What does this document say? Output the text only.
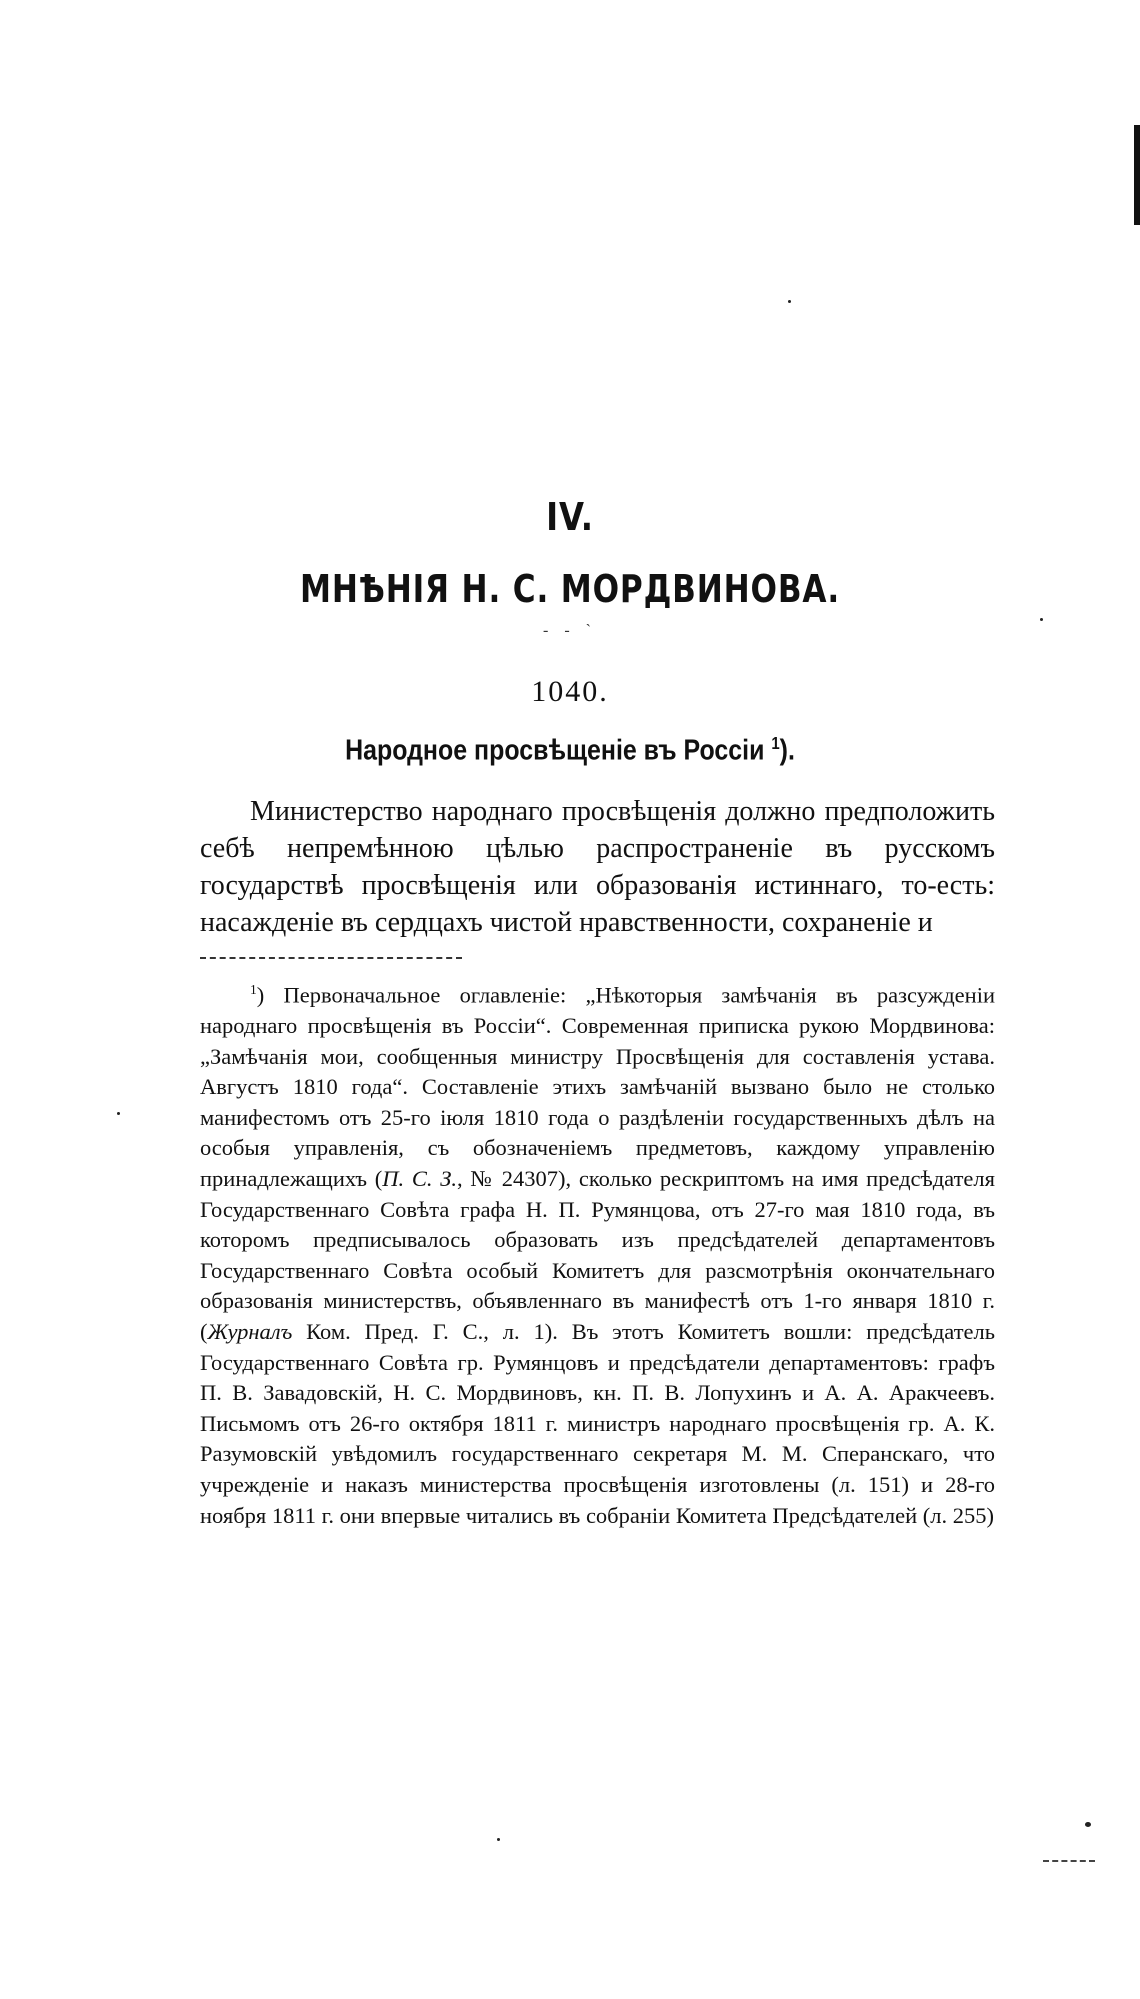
IV.
МНѢНІЯ Н. С. МОРДВИНОВА.
- - `
1040.
Народное просвѣщеніе въ Россіи $^1$).

Министерство народнаго просвѣщенія должно предположить себѣ непремѣнною цѣлью распространеніе въ русскомъ государствѣ просвѣщенія или образованія истиннаго, то-есть: насажденіе въ сердцахъ чистой нравственности, сохраненіе и

$^1$) Первоначальное оглавленіе: „Нѣкоторыя замѣчанія въ разсужденіи народнаго просвѣщенія въ Россіи“. Современная приписка рукою Мордвинова: „Замѣчанія мои, сообщенныя министру Просвѣщенія для составленія устава. Августъ 1810 года“. Составленіе этихъ замѣчаній вызвано было не столько манифестомъ отъ 25-го іюля 1810 года о раздѣленіи государственныхъ дѣлъ на особыя управленія, съ обозначеніемъ предметовъ, каждому управленію принадлежащихъ (П. С. З., № 24307), сколько рескриптомъ на имя предсѣдателя Государственнаго Совѣта графа Н. П. Румянцова, отъ 27-го мая 1810 года, въ которомъ предписывалось образовать изъ предсѣдателей департаментовъ Государственнаго Совѣта особый Комитетъ для разсмотрѣнія окончательнаго образованія министерствъ, объявленнаго въ манифестѣ отъ 1-го января 1810 г. (Журналъ Ком. Пред. Г. С., л. 1). Въ этотъ Комитетъ вошли: предсѣдатель Государственнаго Совѣта гр. Румянцовъ и предсѣдатели департаментовъ: графъ П. В. Завадовскій, Н. С. Мордвиновъ, кн. П. В. Лопухинъ и А. А. Аракчеевъ. Письмомъ отъ 26-го октября 1811 г. министръ народнаго просвѣщенія гр. А. К. Разумовскій увѣдомилъ государственнаго секретаря М. М. Сперанскаго, что учрежденіе и наказъ министерства просвѣщенія изготовлены (л. 151) и 28-го ноября 1811 г. они впервые читались въ собраніи Комитета Предсѣдателей (л. 255)
